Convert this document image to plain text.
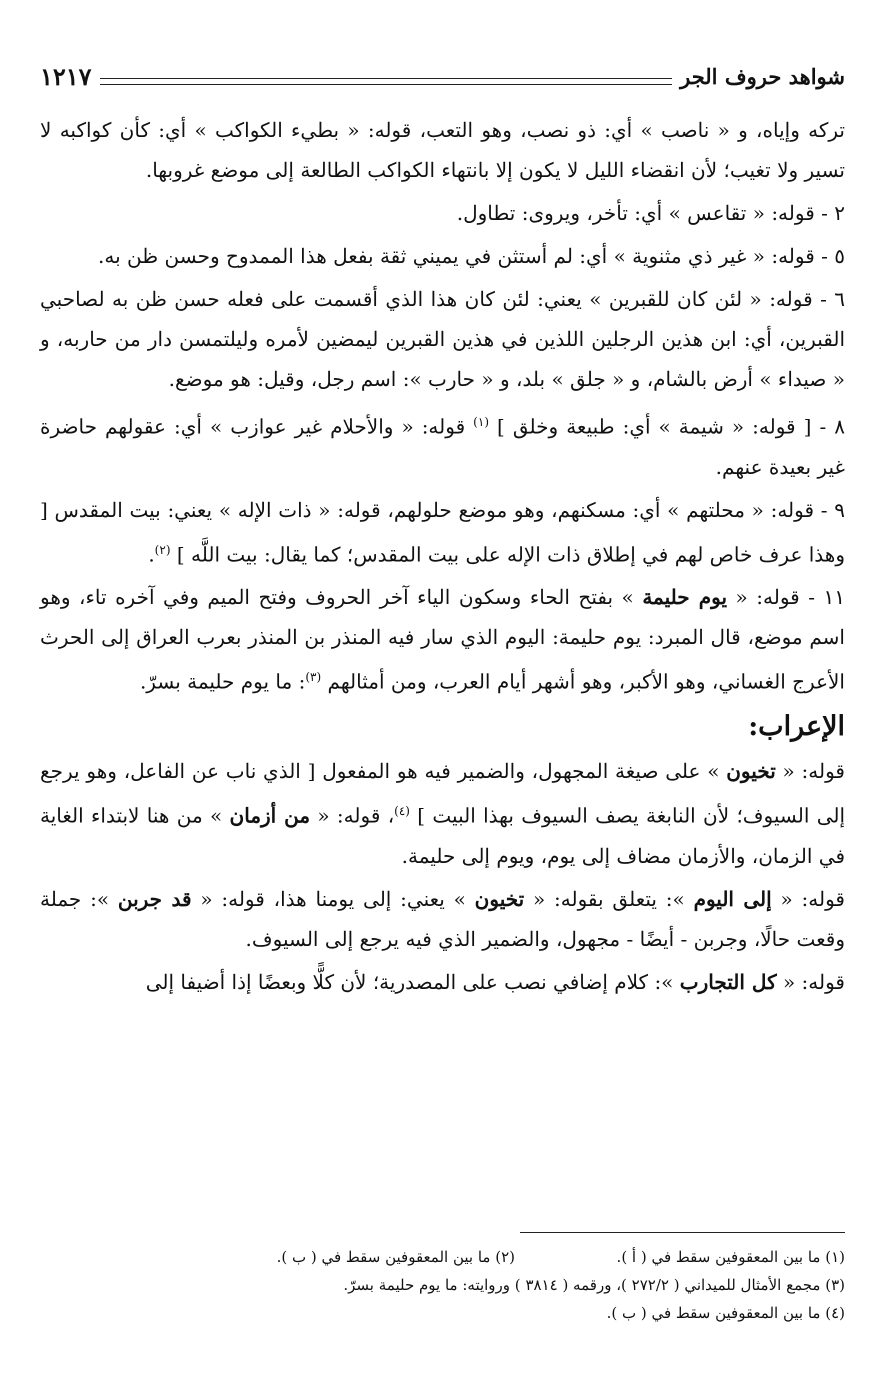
شواهد حروف الجر
١٢١٧

تركه وإياه، و « ناصب » أي: ذو نصب، وهو التعب، قوله: « بطيء الكواكب » أي: كأن كواكبه لا تسير ولا تغيب؛ لأن انقضاء الليل لا يكون إلا بانتهاء الكواكب الطالعة إلى موضع غروبها.

٢ - قوله: « تقاعس » أي: تأخر، ويروى: تطاول.

٥ - قوله: « غير ذي مثنوية » أي: لم أستثن في يميني ثقة بفعل هذا الممدوح وحسن ظن به.

٦ - قوله: « لئن كان للقبرين » يعني: لئن كان هذا الذي أقسمت على فعله حسن ظن به لصاحبي القبرين، أي: ابن هذين الرجلين اللذين في هذين القبرين ليمضين لأمره وليلتمسن دار من حاربه، و « صيداء » أرض بالشام، و « جلق » بلد، و « حارب »: اسم رجل، وقيل: هو موضع.

٨ - [ قوله: « شيمة » أي: طبيعة وخلق ] $^{(١)}$ قوله: « والأحلام غير عوازب » أي: عقولهم حاضرة غير بعيدة عنهم.

٩ - قوله: « محلتهم » أي: مسكنهم، وهو موضع حلولهم، قوله: « ذات الإله » يعني: بيت المقدس [ وهذا عرف خاص لهم في إطلاق ذات الإله على بيت المقدس؛ كما يقال: بيت اللَّه ] $^{(٢)}$.

١١ - قوله: « يوم حليمة » بفتح الحاء وسكون الياء آخر الحروف وفتح الميم وفي آخره تاء، وهو اسم موضع، قال المبرد: يوم حليمة: اليوم الذي سار فيه المنذر بن المنذر بعرب العراق إلى الحرث الأعرج الغساني، وهو الأكبر، وهو أشهر أيام العرب، ومن أمثالهم $^{(٣)}$: ما يوم حليمة بسرّ.

الإعراب:

قوله: « تخيون » على صيغة المجهول، والضمير فيه هو المفعول [ الذي ناب عن الفاعل، وهو يرجع إلى السيوف؛ لأن النابغة يصف السيوف بهذا البيت ] $^{(٤)}$، قوله: « من أزمان » من هنا لابتداء الغاية في الزمان، والأزمان مضاف إلى يوم، ويوم إلى حليمة.

قوله: « إلى اليوم »: يتعلق بقوله: « تخيون » يعني: إلى يومنا هذا، قوله: « قد جربن »: جملة وقعت حالًا، وجربن - أيضًا - مجهول، والضمير الذي فيه يرجع إلى السيوف.

قوله: « كل التجارب »: كلام إضافي نصب على المصدرية؛ لأن كلًّا وبعضًا إذا أضيفا إلى

(١) ما بين المعقوفين سقط في ( أ ).
(٢) ما بين المعقوفين سقط في ( ب ).
(٣) مجمع الأمثال للميداني ( ٢٧٢/٢ )، ورقمه ( ٣٨١٤ ) وروايته: ما يوم حليمة بسرّ.
(٤) ما بين المعقوفين سقط في ( ب ).
